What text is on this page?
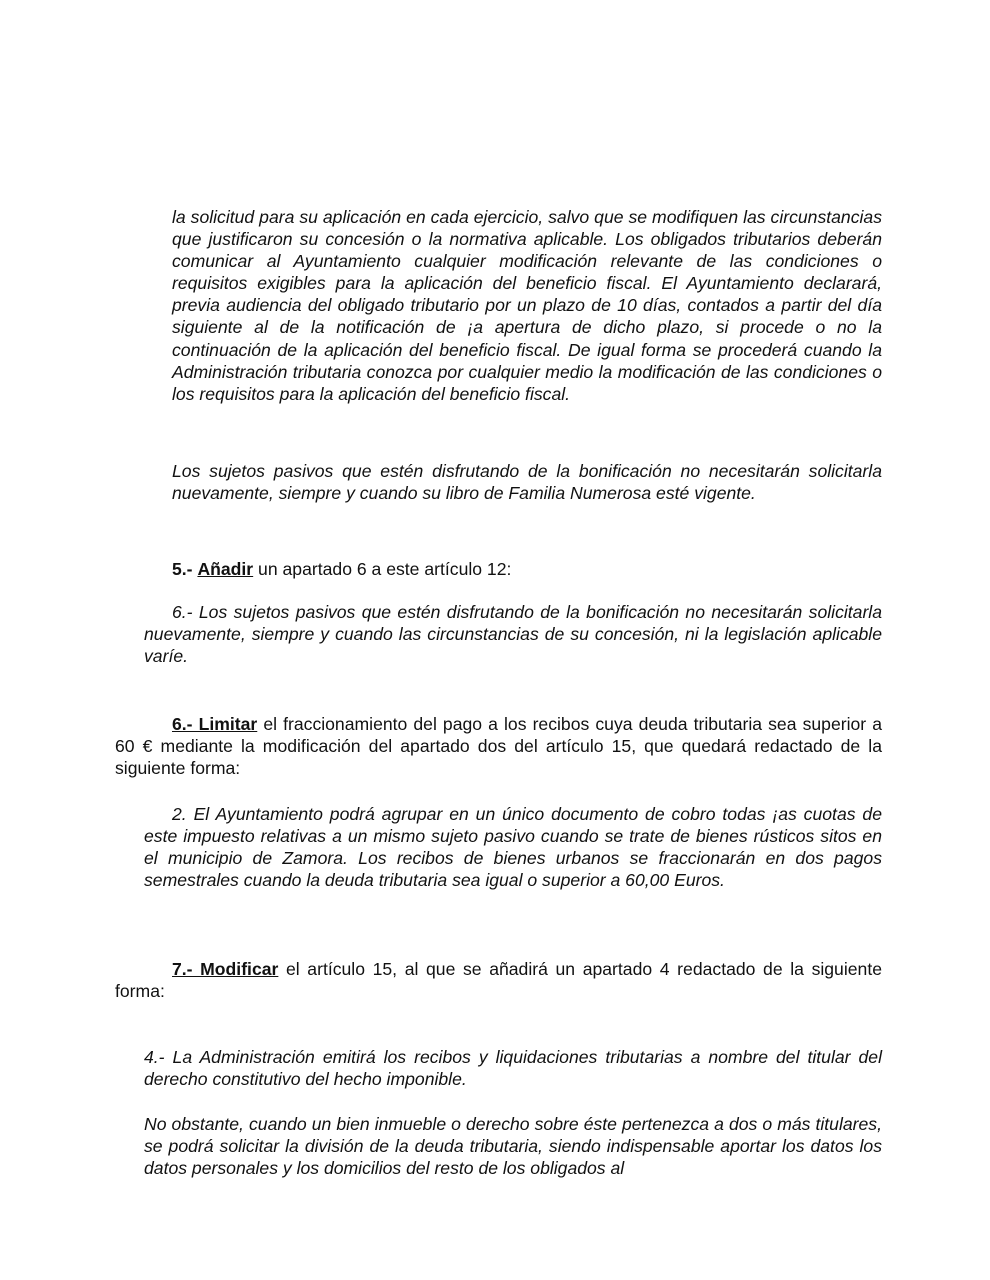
la solicitud para su aplicación en cada ejercicio, salvo que se modifiquen las circunstancias que justificaron su concesión o la normativa aplicable. Los obligados tributarios deberán comunicar al Ayuntamiento cualquier modificación relevante de las condiciones o requisitos exigibles para la aplicación del beneficio fiscal. El Ayuntamiento declarará, previa audiencia del obligado tributario por un plazo de 10 días, contados a partir del día siguiente al de la notificación de ¡a apertura de dicho plazo, si procede o no la continuación de la aplicación del beneficio fiscal. De igual forma se procederá cuando la Administración tributaria conozca por cualquier medio la modificación de las condiciones o los requisitos para la aplicación del beneficio fiscal.

Los sujetos pasivos que estén disfrutando de la bonificación no necesitarán solicitarla nuevamente, siempre y cuando su libro de Familia Numerosa esté vigente.

5.- Añadir un apartado 6 a este artículo 12:

6.- Los sujetos pasivos que estén disfrutando de la bonificación no necesitarán solicitarla nuevamente, siempre y cuando las circunstancias de su concesión, ni la legislación aplicable varíe.

6.- Limitar el fraccionamiento del pago a los recibos cuya deuda tributaria sea superior a 60 € mediante la modificación del apartado dos del artículo 15, que quedará redactado de la siguiente forma:

2. El Ayuntamiento podrá agrupar en un único documento de cobro todas ¡as cuotas de este impuesto relativas a un mismo sujeto pasivo cuando se trate de bienes rústicos sitos en el municipio de Zamora. Los recibos de bienes urbanos se fraccionarán en dos pagos semestrales cuando la deuda tributaria sea igual o superior a 60,00 Euros.

7.- Modificar el artículo 15, al que se añadirá un apartado 4 redactado de la siguiente forma:

4.- La Administración emitirá los recibos y liquidaciones tributarias a nombre del titular del derecho constitutivo del hecho imponible.

No obstante, cuando un bien inmueble o derecho sobre éste pertenezca a dos o más titulares, se podrá solicitar la división de la deuda tributaria, siendo indispensable aportar los datos los datos personales y los domicilios del resto de los obligados al
